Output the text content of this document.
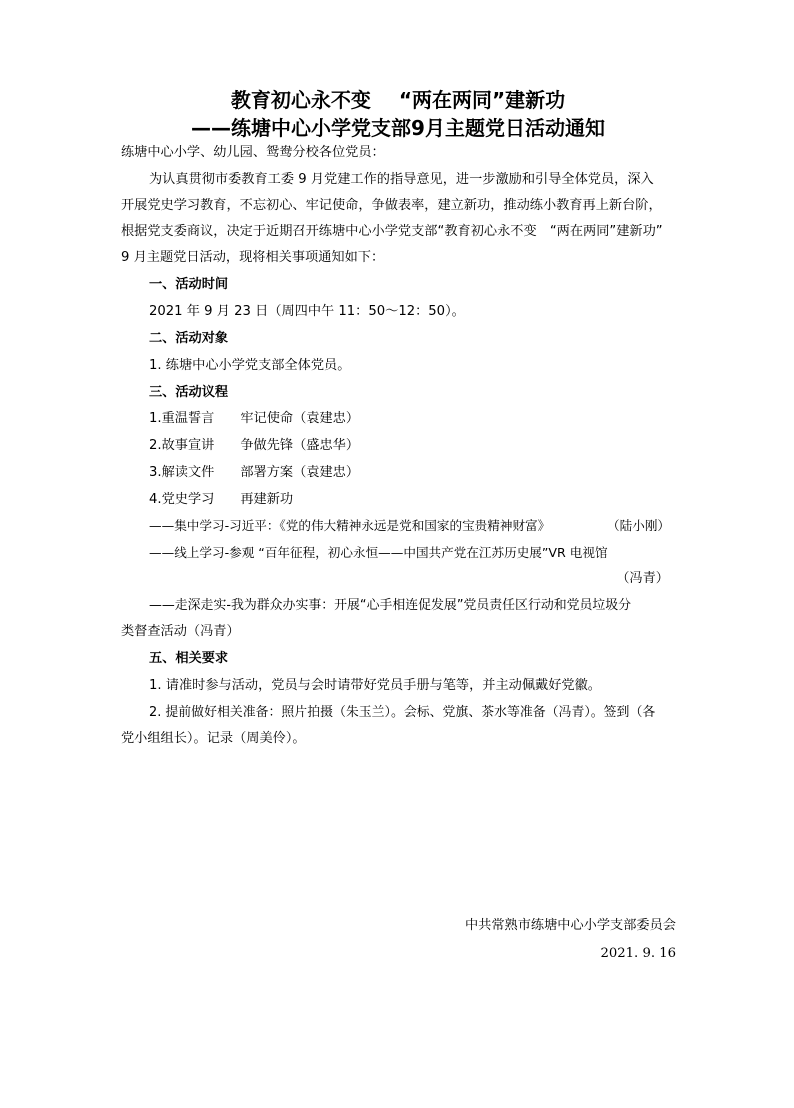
教育初心永不变 “两在两同”建新功
——练塘中心小学党支部9月主题党日活动通知
练塘中心小学、幼儿园、鸳鸯分校各位党员：
为认真贯彻市委教育工委 9 月党建工作的指导意见，进一步激励和引导全体党员，深入
开展党史学习教育，不忘初心、牢记使命，争做表率，建立新功，推动练小教育再上新台阶，
根据党支委商议，决定于近期召开练塘中心小学党支部“教育初心永不变　“两在两同”建新功”
9 月主题党日活动，现将相关事项通知如下：
一、活动时间
2021 年 9 月 23 日（周四中午 11：50～12：50）。
二、活动对象
1. 练塘中心小学党支部全体党员。
三、活动议程
1.重温誓言 牢记使命（袁建忠）
2.故事宣讲 争做先锋（盛忠华）
3.解读文件 部署方案（袁建忠）
4.党史学习 再建新功
——集中学习-习近平：《党的伟大精神永远是党和国家的宝贵精神财富》	（陆小刚）
——线上学习-参观 “百年征程，初心永恒——中国共产党在江苏历史展”VR 电视馆
（冯青）
——走深走实-我为群众办实事：开展“心手相连促发展”党员责任区行动和党员垃圾分
类督查活动（冯青）
五、相关要求
1. 请准时参与活动，党员与会时请带好党员手册与笔等，并主动佩戴好党徽。
2. 提前做好相关准备：照片拍摄（朱玉兰）。会标、党旗、茶水等准备（冯青）。签到（各
党小组组长）。记录（周美伶）。
中共常熟市练塘中心小学支部委员会
2021. 9. 16
